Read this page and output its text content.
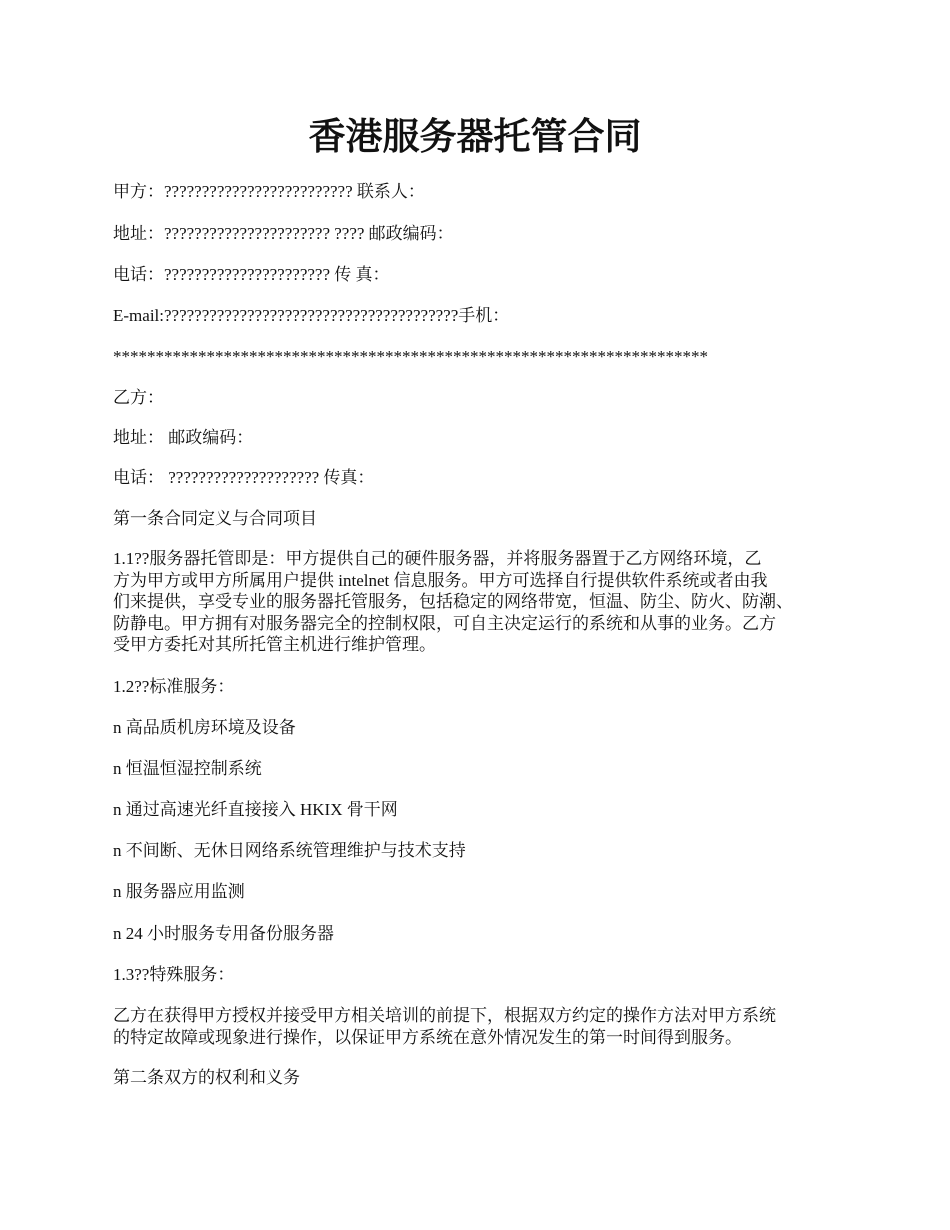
香港服务器托管合同
甲方：????????????????????????? 联系人：
地址：?????????????????????? ???? 邮政编码：
电话：?????????????????????? 传 真：
E-mail:???????????????????????????????????????手机：
**********************************************************************
乙方：
地址： 邮政编码：
电话： ???????????????????? 传真：
第一条合同定义与合同项目
1.1??服务器托管即是：甲方提供自己的硬件服务器，并将服务器置于乙方网络环境，乙
方为甲方或甲方所属用户提供 intelnet 信息服务。甲方可选择自行提供软件系统或者由我
们来提供，享受专业的服务器托管服务，包括稳定的网络带宽，恒温、防尘、防火、防潮、
防静电。甲方拥有对服务器完全的控制权限，可自主决定运行的系统和从事的业务。乙方
受甲方委托对其所托管主机进行维护管理。
1.2??标准服务：
n 高品质机房环境及设备
n 恒温恒湿控制系统
n 通过高速光纤直接接入 HKIX 骨干网
n 不间断、无休日网络系统管理维护与技术支持
n 服务器应用监测
n 24 小时服务专用备份服务器
1.3??特殊服务：
乙方在获得甲方授权并接受甲方相关培训的前提下，根据双方约定的操作方法对甲方系统
的特定故障或现象进行操作，以保证甲方系统在意外情况发生的第一时间得到服务。
第二条双方的权利和义务
